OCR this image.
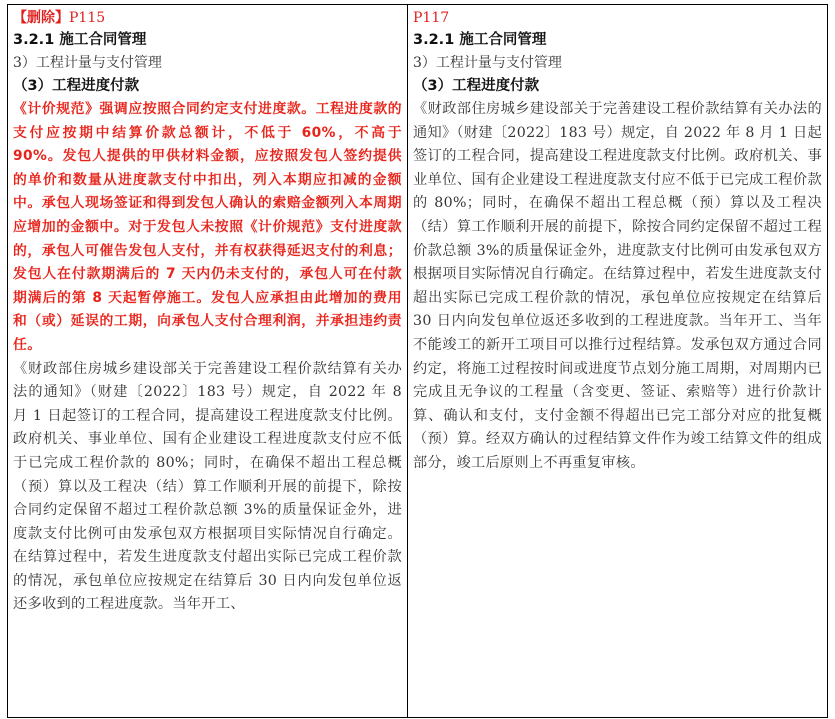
【删除】P115
3.2.1 施工合同管理
3）工程计量与支付管理
（3）工程进度付款

《计价规范》强调应按照合同约定支付进度款。工程进度款的支付应按期中结算价款总额计，不低于 60%，不高于 90%。发包人提供的甲供材料金额，应按照发包人签约提供的单价和数量从进度款支付中扣出，列入本期应扣减的金额中。承包人现场签证和得到发包人确认的索赔金额列入本周期应增加的金额中。对于发包人未按照《计价规范》支付进度款的，承包人可催告发包人支付，并有权获得延迟支付的利息；发包人在付款期满后的 7 天内仍未支付的，承包人可在付款期满后的第 8 天起暂停施工。发包人应承担由此增加的费用和（或）延误的工期，向承包人支付合理利润，并承担违约责任。

《财政部住房城乡建设部关于完善建设工程价款结算有关办法的通知》（财建〔2022〕183 号）规定，自 2022 年 8 月 1 日起签订的工程合同，提高建设工程进度款支付比例。政府机关、事业单位、国有企业建设工程进度款支付应不低于已完成工程价款的 80%；同时，在确保不超出工程总概（预）算以及工程决（结）算工作顺利开展的前提下，除按合同约定保留不超过工程价款总额 3%的质量保证金外，进度款支付比例可由发承包双方根据项目实际情况自行确定。在结算过程中，若发生进度款支付超出实际已完成工程价款的情况，承包单位应按规定在结算后 30 日内向发包单位返还多收到的工程进度款。当年开工、

P117
3.2.1 施工合同管理
3）工程计量与支付管理
（3）工程进度付款

《财政部住房城乡建设部关于完善建设工程价款结算有关办法的通知》（财建〔2022〕183 号）规定，自 2022 年 8 月 1 日起签订的工程合同，提高建设工程进度款支付比例。政府机关、事业单位、国有企业建设工程进度款支付应不低于已完成工程价款的 80%；同时，在确保不超出工程总概（预）算以及工程决（结）算工作顺利开展的前提下，除按合同约定保留不超过工程价款总额 3%的质量保证金外，进度款支付比例可由发承包双方根据项目实际情况自行确定。在结算过程中，若发生进度款支付超出实际已完成工程价款的情况，承包单位应按规定在结算后 30 日内向发包单位返还多收到的工程进度款。当年开工、当年不能竣工的新开工项目可以推行过程结算。发承包双方通过合同约定，将施工过程按时间或进度节点划分施工周期，对周期内已完成且无争议的工程量（含变更、签证、索赔等）进行价款计算、确认和支付，支付金额不得超出已完工部分对应的批复概（预）算。经双方确认的过程结算文件作为竣工结算文件的组成部分，竣工后原则上不再重复审核。
